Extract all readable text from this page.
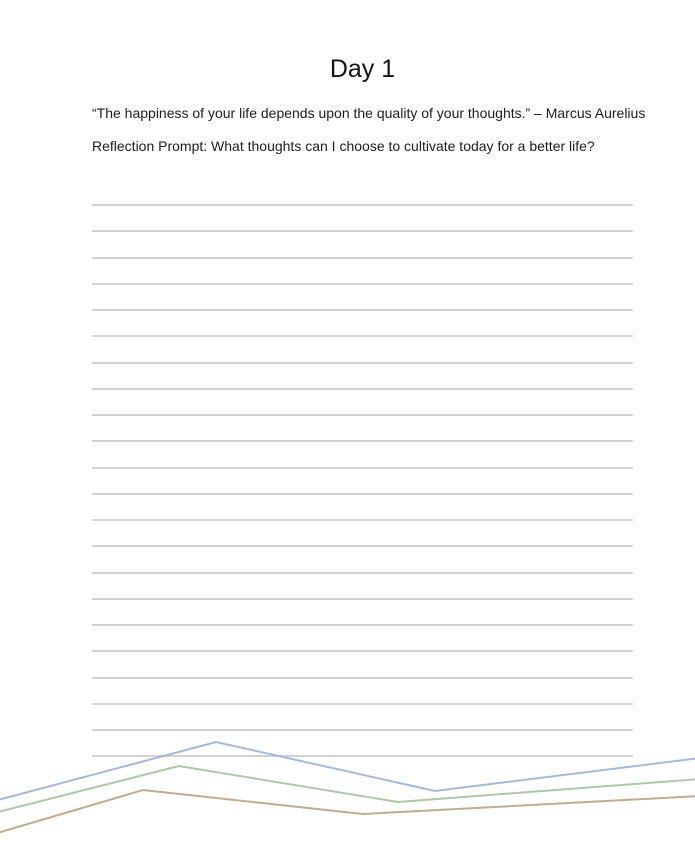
Day 1

“The happiness of your life depends upon the quality of your thoughts.” – Marcus Aurelius

Reflection Prompt: What thoughts can I choose to cultivate today for a better life?
